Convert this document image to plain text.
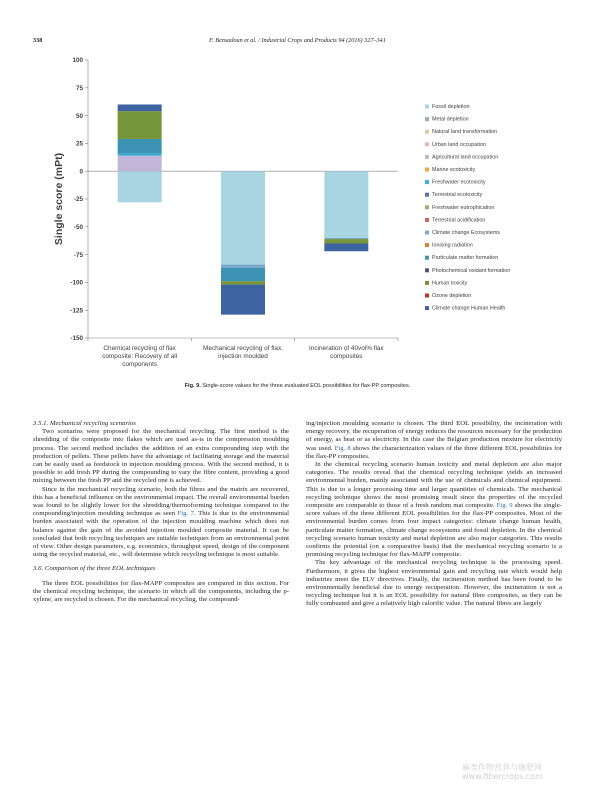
338	F. Bensadoun et al. / Industrial Crops and Products 94 (2016) 327–341
100
75
50
25
0
-25
-50
-75
-100
-125
-150
Single score (mPt)
Chemical recycling of flax
composite: Recovery of all
components
Mechanical recycling of flax,
injection moulded
Incineration of 40vol% flax
composites
Fossil depletion
Metal depletion
Natural land transformation
Urban land occupation
Agricultural land occupation
Marine ecotoxicity
Freshwater ecotoxicity
Terrestrial ecotoxicity
Freshwater eutrophication
Terrestrial acidification
Climate change Ecosystems
Ionising radiation
Particulate matter formation
Photochemical oxidant formation
Human toxicity
Ozone depletion
Climate change Human Health
Fig. 9. Single-score values for the three evaluated EOL possibilities for flax-PP composites.

3.5.1. Mechanical recycling scenarios

Two scenarios were proposed for the mechanical recycling. The first method is the shredding of the composite into flakes which are used as-is in the compression moulding process. The second method includes the addition of an extra compounding step with the production of pellets. These pellets have the advantage of facilitating storage and the material can be easily used as feedstock in injection moulding process. With the second method, it is possible to add fresh PP during the compounding to vary the fibre content, providing a good mixing between the fresh PP and the recycled one is achieved.

Since in the mechanical recycling scenario, both the fibres and the matrix are recovered, this has a beneficial influence on the environmental impact. The overall environmental burden was found to be slightly lower for the shredding/thermoforming technique compared to the compounding/injection moulding technique as seen Fig. 7. This is due to the environmental burden associated with the operation of the injection moulding machine which does not balance against the gain of the avoided injection moulded composite material. It can be concluded that both recycling techniques are suitable techniques from an environmental point of view. Other design parameters, e.g. economics, throughput speed, design of the component using the recycled material, etc., will determine which recycling technique is most suitable.

3.6. Comparison of the three EOL techniques

The three EOL possibilities for flax-MAPP composites are compared in this section. For the chemical recycling technique, the scenario in which all the components, including the p-xylene, are recycled is chosen. For the mechanical recycling, the compound-

ing/injection moulding scenario is chosen. The third EOL possibility, the incineration with energy recovery, the recuperation of energy reduces the resources necessary for the production of energy, as heat or as electricity. In this case the Belgian production mixture for electricity was used. Fig. 8 shows the characterization values of the three different EOL possibilities for the flax-PP composites.

In the chemical recycling scenario human toxicity and metal depletion are also major categories. The results reveal that the chemical recycling technique yields an increased environmental burden, mainly associated with the use of chemicals and chemical equipment. This is due to a longer processing time and larger quantities of chemicals. The mechanical recycling technique shows the most promising result since the properties of the recycled composite are comparable to those of a fresh random mat composite. Fig. 9 shows the single-score values of the three different EOL possibilities for the flax-PP composites. Most of the environmental burden comes from four impact categories: climate change human health, particulate matter formation, climate change ecosystems and fossil depletion. In the chemical recycling scenario human toxicity and metal depletion are also major categories. This results confirms the potential (on a comparative basis) that the mechanical recycling scenario is a promising recycling technique for flax-MAPP composite.

The key advantage of the mechanical recycling technique is the processing speed. Furthermore, it gives the highest environmental gain and recycling rate which would help industries meet the ELV directives. Finally, the incineration method has been found to be environmentally beneficial due to energy recuperation. However, the incineration is not a recycling technique but it is an EOL possibility for natural fibre composites, as they can be fully combusted and give a relatively high calorific value. The natural fibres are largely

麻类作物营养与施肥网
www.fibercrops.com
